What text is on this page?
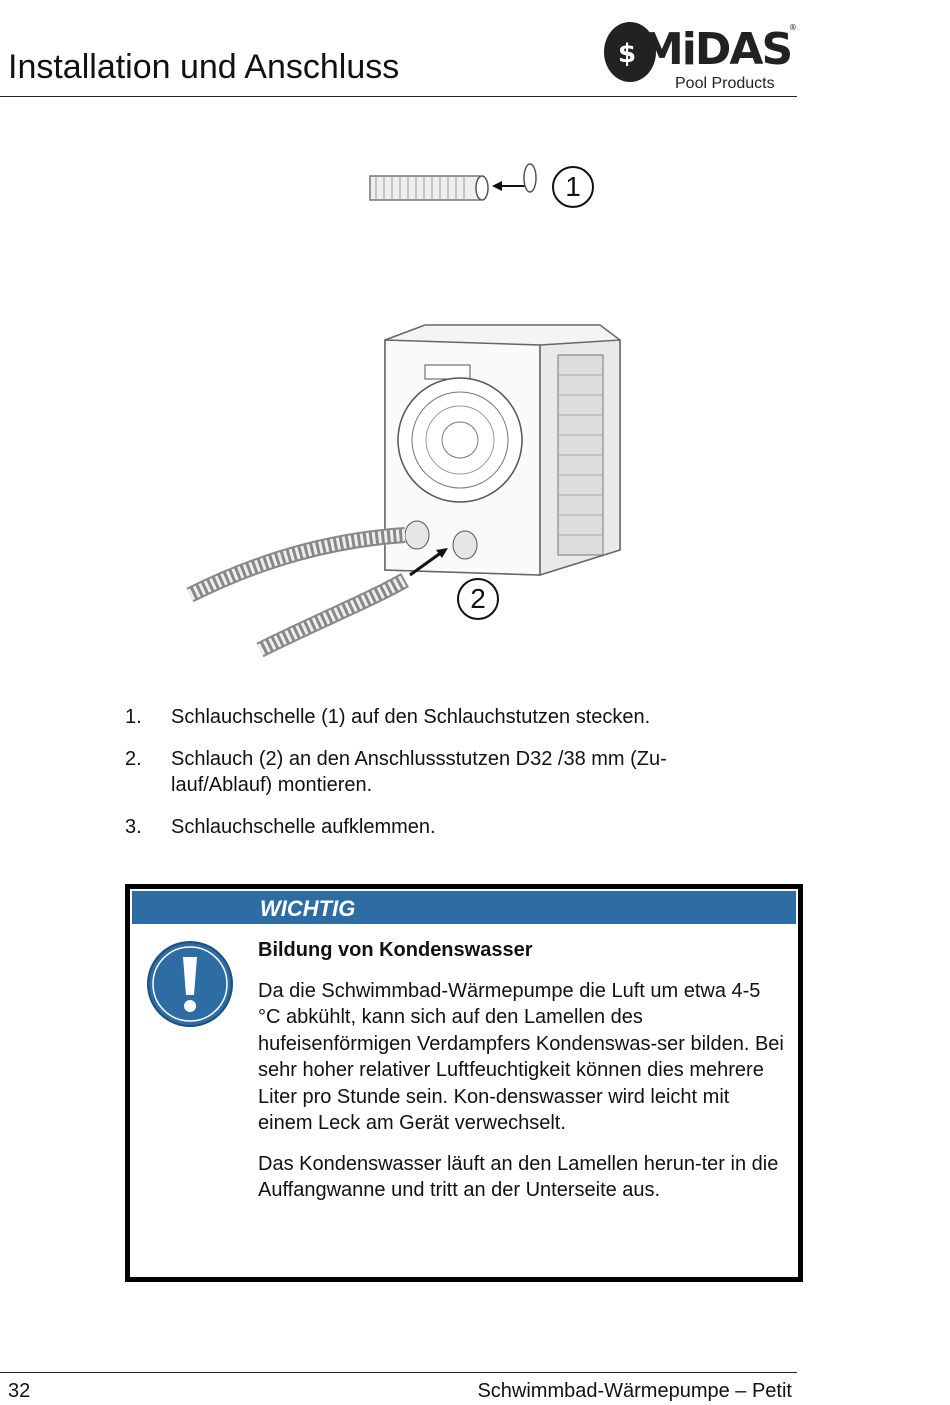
Installation und Anschluss	$ MiDAS
®
Pool Products
1
2
1. Schlauchschelle (1) auf den Schlauchstutzen stecken.
2. Schlauch (2) an den Anschlussstutzen D32 /38 mm (Zu-lauf/Ablauf) montieren.
3. Schlauchschelle aufklemmen.
WICHTIG
Bildung von Kondenswasser

Da die Schwimmbad-Wärmepumpe die Luft um etwa 4-5 °C abkühlt, kann sich auf den Lamellen des hufeisenförmigen Verdampfers Kondenswas-ser bilden. Bei sehr hoher relativer Luftfeuchtigkeit können dies mehrere Liter pro Stunde sein. Kon-denswasser wird leicht mit einem Leck am Gerät verwechselt.

Das Kondenswasser läuft an den Lamellen herun-ter in die Auffangwanne und tritt an der Unterseite aus.

32	Schwimmbad-Wärmepumpe – Petit
